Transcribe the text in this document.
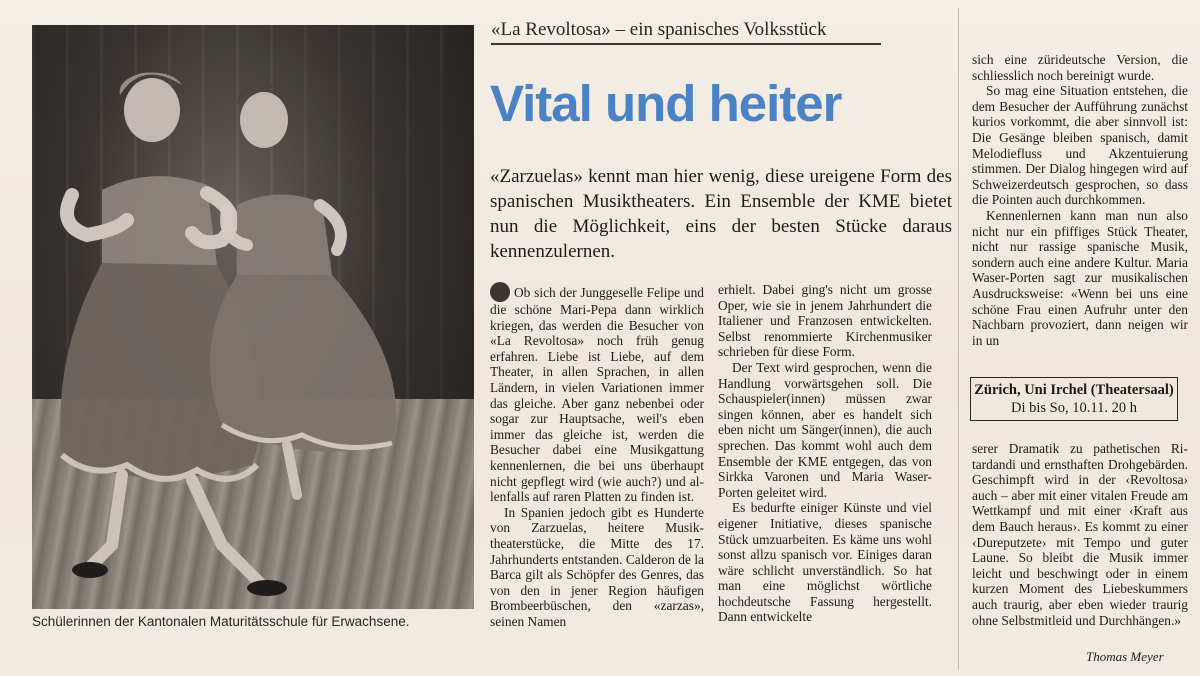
Schülerinnen der Kantonalen Maturitätsschule für Erwachsene.
«La Revoltosa» – ein spanisches Volksstück
Vital und heiter
«Zarzuelas» kennt man hier wenig, diese ureigene Form des spanischen Musiktheaters. Ein Ensemble der KME bietet nun die Möglichkeit, eins der besten Stücke daraus kennenzulernen.

Ob sich der Junggeselle Felipe und die schöne Mari-Pepa dann wirklich kriegen, das werden die Besucher von «La Revoltosa» noch früh genug erfahren. Liebe ist Liebe, auf dem Theater, in allen Sprachen, in allen Ländern, in vielen Variationen immer das gleiche. Aber ganz nebenbei oder sogar zur Hauptsache, weil's eben immer das gleiche ist, werden die Besucher dabei eine Musikgattung kennenlernen, die bei uns überhaupt nicht gepflegt wird (wie auch?) und allenfalls auf raren Platten zu finden ist.

In Spanien jedoch gibt es Hunderte von Zarzuelas, heitere Musiktheaterstücke, die Mitte des 17. Jahrhunderts entstanden. Calderon de la Barca gilt als Schöpfer des Genres, das von den in jener Region häufigen Brombeerbüschen, den «zarzas», seinen Namen

erhielt. Dabei ging's nicht um grosse Oper, wie sie in jenem Jahrhundert die Italiener und Franzosen entwickelten. Selbst renommierte Kirchenmusiker schrieben für diese Form.

Der Text wird gesprochen, wenn die Handlung vorwärtsgehen soll. Die Schauspieler(innen) müssen zwar singen können, aber es handelt sich eben nicht um Sänger(innen), die auch sprechen. Das kommt wohl auch dem Ensemble der KME entgegen, das von Sirkka Varonen und Maria Waser-Porten geleitet wird.

Es bedurfte einiger Künste und viel eigener Initiative, dieses spanische Stück umzuarbeiten. Es käme uns wohl sonst allzu spanisch vor. Einiges daran wäre schlicht unverständlich. So hat man eine möglichst wörtliche hochdeutsche Fassung hergestellt. Dann entwickelte

sich eine züridеutsche Version, die schliesslich noch bereinigt wurde.

So mag eine Situation entstehen, die dem Besucher der Aufführung zunächst kurios vorkommt, die aber sinnvoll ist: Die Gesänge bleiben spanisch, damit Melodiefluss und Akzentuierung stimmen. Der Dialog hingegen wird auf Schweizerdeutsch gesprochen, so dass die Pointen auch durchkommen.

Kennenlernen kann man nun also nicht nur ein pfiffiges Stück Theater, nicht nur rassige spanische Musik, sondern auch eine andere Kultur. Maria Waser-Porten sagt zur musikalischen Ausdrucksweise: «Wenn bei uns eine schöne Frau einen Aufruhr unter den Nachbarn provoziert, dann neigen wir in un

Zürich, Uni Irchel (Theatersaal)
Di bis So, 10.11. 20 h

serer Dramatik zu pathetischen Ritardandi und ernsthaften Drohgebärden. Geschimpft wird in der ‹Revoltosa› auch – aber mit einer vitalen Freude am Wettkampf und mit einer ‹Kraft aus dem Bauch heraus›. Es kommt zu einer ‹Dureputzete› mit Tempo und guter Laune. So bleibt die Musik immer leicht und beschwingt oder in einem kurzen Moment des Liebeskummers auch traurig, aber eben wieder traurig ohne Selbstmitleid und Durchhängen.»

Thomas Meyer
